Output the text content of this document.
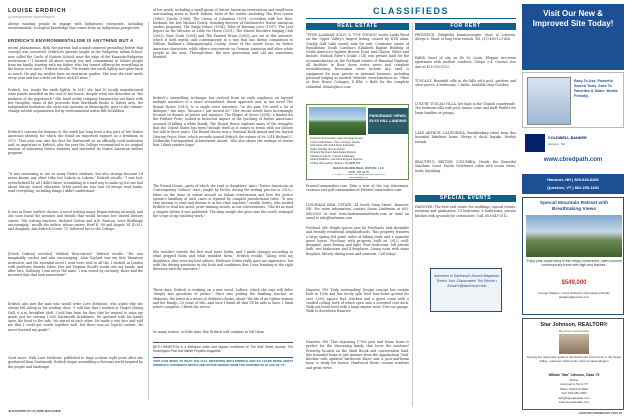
LOUISE ERDRICH
ILLUSTRATION BY JOHN PUNNETT

always wanting people to engage with Indigenous viewpoints, including environmental, ecological knowledge that comes from an Indigenous perspective.

ERDRICH'S ENVIRONMENTALISM IS ANYTHING BUT A

recent phenomenon. Both her parents had a mind-centered grounding before that concept was conceived. (Erdrich's parents taught at the Wahpeton Indian School, now called the Circle of Nations School, near the edge of the Kasautta-Wahpeton reservation.) "I learned all about energy use and commitment to Native people from my family, starting with my father, who has turned off/recycles everything in the house ever since," Erdrich recalls. "He treads this earth lightly and gives back so much. He and my mother have an enormous garden. She uses the reed seeds every year and has a field out there with 40 trees."

Erdrich, too, treads the earth lightly. In 2012 she had 30 locally manufactured solar panels installed on the roof of her house, despite what she describes as "the madness of the paperwork." She lured utility company bureaucrats out there with her thoughts; some of the proceeds from Birchbark Books & Native Arts, the independent bookstore she owns and operates in Minneapolis, goes to the climate-change activist organization led by environmental writer Bill McKibben.

Erdrich's concern for humans to the earth has long been a key part of her Native American identity, for which she found an important support as a freshman in 1972. That year was also the first for Dartmouth as an officially coed institution and, as important to Erdrich, also the year the College recommitted to its original mission of educating Native students and instituted its Native American studies program.

"It was reassuring to see so many Native students, but also strange because I'd never known any other tribe but Dakota or Lakota," Erdrich recalls. "I was lost, overwhelmed by all I didn't know, scrambling in a mad way to make up for one had about history, school education. What saved me was that I'd always read books, read everything, including things I didn't understand."

It was in those earliest classes, a novel writing major, began writing seriously, and she soon found the mentors and friends that would become her storied literary career. "My writing teachers, Richard Gorton and A.B. Paulson, were thrillingly encouraging," recalls the author, whose sisters, Heid E. '98 and Angela '81 (D.M.), and daughter, Aza Erdrich Crowe '11, followed her to the College.

[North Dakota] novelist] Mildred then-visited," Erdrich recalls. "He was imaginably cordon and also encouraging. Alan Gaylord was my first literature instructor, and the essential novel I read were vital to all the. I studied in London with professor Brenda Silver. Her put Virginia Woolf's books into my hands, and after Mrs. Dalloway I was never the same. I was seized by curiosity; those had the invented that that lurk somewhere!"

Erdrich also met the man who would write Love Medicine, who asked why she always fell asleep in his reading class. "I told him that I worked at Thayer Dining Hall, 6 a.m. breakfast shift. I told him from his thus that he wanted to raise my grade just for serving 1,000 Dartmouth breakfasts. He guessed with his hands open, his head to the side. We stared at each other. He made a wry face and told me that I could get words together well, but there was no logical content. He never lowered my grade!"

Good move: With Love Medicine, published to huge acclaim eight years after she graduated from Dartmouth, Erdrich began assembling a fictional world inspired by the people and landscape

of her youth, including a small group of Native American reservations and small-town surrounding areas in North Dakota. Most of the novels—including The Beet Queen (1986), Tracks (1988), The Crown of Columbus (1991, co-written with her then-husband, the late Michael Dorris, founding director of Dartmouth's Native American studies program), The Bingo Palace (1994), Tales of Burning Love (1997), The Last Report on the Miracles at Little No Horse (2001), The Master Butchers Singing Club (2003), Four Souls (2004) and The Painted Drum (2005)—are set in this universe, which is both mythic and contemporary in a way that has drawn comparison to William Faulkner's Yoknapatawpha County. Some of the novels focus on Native American characters, while others concentrate on German American and other white people in the area. Through-lines: the new generation and old are sometimes blended.

Erdrich's storytelling technique has evolved from an early emphasis on layered multiple narrators to a more streamlined, linear approach and, in her novel The Round House (2012), to a single voice narrative. "In the past I've used a lot of dialogue," she says, "because I just turned 60." Her recent novels have increasingly focused on themes of justice and injustice. The Plague of Doves (2008), a finalist for the Pulitzer Prize, looked at historical impact of the lynching of Native Americans accused of killing a white family; The Round House explores many of the struggles that the United States has been through itself as it comes to terms with our history but told in those years. The Round House won a National Book Award and the Dayton Literary Peace Prize, which recently named Erdrich the winner of its 2014 Richard C. Holbrooke Distinguished Achievement Award. "She also shows the endings of stories that I think readers hope."

The Round House—parts of which she read to daughters' Aza's "Native Americans in Contemporary Culture" class, taught by Duthu, during the writing process in 2010—takes on the issue of sexual assault on Indian reservations and how the justice system's handling of such cases is stymied by complex jurisdictional rules. "It was very moving to read and discuss it in the class together," recalls Duthu, who invited Erdrich to read her novel, prize-winning novels, in our conversations. "She let us read a chapter before it was published. The deep insight she gives into the world, enlarged the scope of my teaching work."

She wouldn't rewrite the first read must Duthu, and I made changes according to what gripped them and what troubled them," Erdrich recalls. "Along with my daughters, they were my best editors, Professor Duthu really gave me experience, but with the driving questions in the book and conditions that I was learning in the right direction with the narrative."

These days, Erdrich is working on a new novel, LaRose, which she says will delve "deeply into questions of justice." She's also putting the finishing touches on Makoons, the latest in a series of children's books, about "the life of an Ojibwe woman and her family—10 years of life—and once I finish all that I'll be able to have, I think what's complete. I finish the series."

So many stories, so little time. But Erdrich will continue to tell them.

BETH WHARTON is a freelance writer and regular contributor to The Wall Street Journal, The Washington Post and Native Peoples magazine.

VISIT DAM NEWS TO READ THE FULL INTERVIEW WITH ERDRICH AND TO LEARN MORE ABOUT ERDRICH'S CHILDREN'S BOOKS AND NATIVE REVIEW FROM THE DARTMOUTH CLASS OF '76.

48 DARTMOUTH ALUMNI MAGAZINE
CLASSIFIEDS
REAL ESTATE

"PURE ALASKAN GOLD" & "TOP CHOICE" writes Linda Wood on the Upper Valley's largest listing, owned by KTR alum. Quality Gulf Lake sound, sink for sale. Consumer owner of Equilibrium South Carolina's Elizabeth Baptist Building of North America's highest Brecon Point and Glacier. White and historic Outlook River's (Duke I III) was private land for the accommodations on the Portland estates of Bunstaal Highway. All facilities in floor, dorm water views and complete reconditioning. Recreation views include ALL land & equipment for your private or personal business, including personal lodging as needed. Website: www.lakeshore.in - Pikes at Deer House Cottages, 4 BRs, 2 Bath for the complete submittal. dennis@nco.com

PANORAMIC VIEWS, ELYS HILL LANDING

Great Circle Amenities, Lake Frontage Access
2 Glen Oaks Road • Open Concept, Quality
Golf Views with wolf & More & Moulder
Norbu Kittridge Wyman Ranch
Kimberly Bernhard, Real Estate Brokers
Call Hemmings Dr • Owner & Manager
Soared Bulletins • Central & Engines Sources
16 Bay Hill Landing, Hanover, NH $998,500

BHHS GOLDEN REAL ESTATE, LLC
(603) 726-4175

P.O. Box 67, 12 Glen Oaks Road, Hanover, NH 03755
www.bayhillnh.com
property-sales@gmail.com

PrivateCommunities.com. Take a tour of the top retirement, vacation and golf communities at PrivateCommunities.com.

LINDEMAN REAL ESTATE, 44 South Main Street, Hanover, NH. For more information, contact Susan Lindeman at 603-643-6100 or visit www.lindemanrealestate.com or send an email to info@lindeman.com.

Portland, ME. Bright spaces now for Portland's next desirable and friendly residential neighborhoods. This property features a large spring fed pond, miles of hiking trails and a separate guest house. Purchase with property built on 2015, well-designed, open flowing and light. Four bedrooms, full private bath, two bathrooms and 4 fireplaces. Living room with stone fireplace, library, dining room and sunroom. Call today!

Hanover, NH. Truly outstanding! Design concept has custom built in 1996 and has lovely split level four-home ground for over 2,000 square feet. Kitchen and a guest room with a vaulted ceiling, both of which open onto a screened rear deck. Walk-out lower level with a large master suite. Two-car garage. Walk to downtown Hanover.

Hanover, NH. This charming 1790s post and beam home is perfect for the discerning family that loves the outdoors! Privately located on the Mink Brook and conservation land, this beautiful home is just minutes from the Appalachian Trail. Kitchen with updated hardwood floors and a post-and-beam barn, is ready for horses. Hardwood floors, custom windows and great views.

FOR RENT

PROVENCE. Delightful farmhouse/gite, close to Luberon. Sleeps 6. Short or long term rentals. Tel. (33) 490-123-456.

PARIS, heart of city on Ile St. Louis. Elegant two-room apartment with modern comforts. Sleeps 2-4. Contact Dee Ann at 425-555-0112.

TUSCANY. Beautiful villa in the hills with pool, gardens and olive groves. 4 bedrooms, 3 baths. Available May-October.

LUXURY TUSCAN VILLA. Set high in the Chianti countryside. Ten bedroom villa with pool, tennis court and staff. Perfect for large families or groups.

LAKE ARTHUR, CALIFORNIA. Breathtaking views from this beautiful lakefront home. Sleeps 8, dock, kayaks. Weekly rentals.

BEAUTIFUL BRITISH COLUMBIA. Heads the Beautiful Sunshine Coast. Pacific Northwest cabin with ocean views, trails, kayaking.

SPECIAL EVENTS

HANOVER, The best real estate for weddings, special events, reunions and graduation. 10 bedrooms, 6 bathrooms, private kitchen with grounds for ceremonies. Call: 603-643-0112.

Advertise in Dartmouth Alumni Magazine. Reach Your Classmates! Tris Ritchie • Email tr@dartmouth.edu

Visit Our New & Improved Site Today!
Easy-To-Use. Powerful Search Tools. Save To Favorites & Share. Mobile Friendly.
COLDWELL BANKER
Hanover, NH
www.cbredpath.com
Hanover, NH | 603.643.6406
Quechee, VT | 802.295.1160
Special Mountain Retreat with Breathtaking Views
Enjoy year-round living in this newly constructed, open-concept contemporary home with high-end finishes.
$549,000
George Wallace • Goss Sotheby's International Realty
gwallace@gosssir.com
Star Johnson, REALTOR®
Big Green Real Estate
Serving the real estate goals of the Dartmouth Community in the Upper Valley—Hanover–Dartmouth–Lake Sunapee Region
William "Star" Johnson, Class '70
Broker
Licensed in NH & VT
Office: 603-643-3942
Cell: 603-381-0000
star@bigrealestate.com
www.bigrealestate.com
JANUARY/FEBRUARY 2015 49
